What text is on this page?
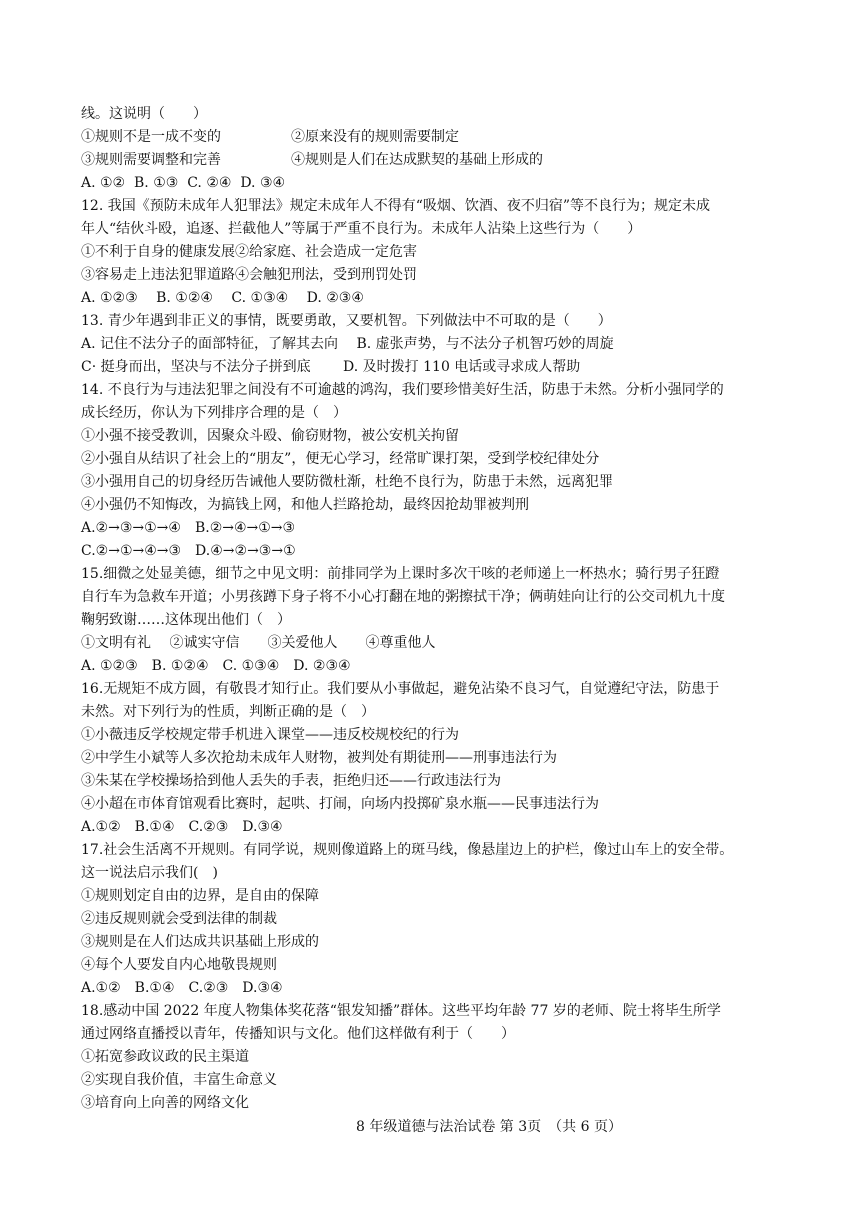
线。这说明（　　）
①规则不是一成不变的　　　　　②原来没有的规则需要制定
③规则需要调整和完善　　　　　④规则是人们在达成默契的基础上形成的
A. ①②  B. ①③  C. ②④  D. ③④
12. 我国《预防未成年人犯罪法》规定未成年人不得有“吸烟、饮酒、夜不归宿”等不良行为；规定未成
年人“结伙斗殴，追逐、拦截他人”等属于严重不良行为。未成年人沾染上这些行为（　　）
①不利于自身的健康发展②给家庭、社会造成一定危害
③容易走上违法犯罪道路④会触犯刑法，受到刑罚处罚
A. ①②③　 B. ①②④　 C. ①③④　 D. ②③④
13. 青少年遇到非正义的事情，既要勇敢，又要机智。下列做法中不可取的是（　　）
A. 记住不法分子的面部特征，了解其去向　 B. 虚张声势，与不法分子机智巧妙的周旋
C· 挺身而出，坚决与不法分子拼到底　　 D. 及时拨打 110 电话或寻求成人帮助
14. 不良行为与违法犯罪之间没有不可逾越的鸿沟，我们要珍惜美好生活，防患于未然。分析小强同学的
成长经历，你认为下列排序合理的是（　）
①小强不接受教训，因聚众斗殴、偷窃财物，被公安机关拘留
②小强自从结识了社会上的“朋友”，便无心学习，经常旷课打架，受到学校纪律处分
③小强用自己的切身经历告诫他人要防微杜渐，杜绝不良行为，防患于未然，远离犯罪
④小强仍不知悔改，为搞钱上网，和他人拦路抢劫，最终因抢劫罪被判刑
A.②→③→①→④　B.②→④→①→③
C.②→①→④→③　D.④→②→③→①
15.细微之处显美德，细节之中见文明：前排同学为上课时多次干咳的老师递上一杯热水；骑行男子狂蹬
自行车为急救车开道；小男孩蹲下身子将不小心打翻在地的粥擦拭干净；俩萌娃向让行的公交司机九十度
鞠躬致谢……这体现出他们（　）
①文明有礼　 ②诚实守信　　③关爱他人　　④尊重他人
A. ①②③　B. ①②④　C. ①③④　D. ②③④
16.无规矩不成方圆，有敬畏才知行止。我们要从小事做起，避免沾染不良习气，自觉遵纪守法，防患于
未然。对下列行为的性质，判断正确的是（　）
①小薇违反学校规定带手机进入课堂——违反校规校纪的行为
②中学生小斌等人多次抢劫未成年人财物，被判处有期徒刑——刑事违法行为
③朱某在学校操场拾到他人丢失的手表，拒绝归还——行政违法行为
④小超在市体育馆观看比赛时，起哄、打闹，向场内投掷矿泉水瓶——民事违法行为
A.①②　B.①④　C.②③　D.③④
17.社会生活离不开规则。有同学说，规则像道路上的斑马线，像悬崖边上的护栏，像过山车上的安全带。
这一说法启示我们(　)
①规则划定自由的边界，是自由的保障
②违反规则就会受到法律的制裁
③规则是在人们达成共识基础上形成的
④每个人要发自内心地敬畏规则
A.①②　B.①④　C.②③　D.③④
18.感动中国 2022 年度人物集体奖花落“银发知播”群体。这些平均年龄 77 岁的老师、院士将毕生所学
通过网络直播授以青年，传播知识与文化。他们这样做有利于（　　）
①拓宽参政议政的民主渠道
②实现自我价值，丰富生命意义
③培育向上向善的网络文化
8 年级道德与法治试卷 第 3页　（共 6 页）
